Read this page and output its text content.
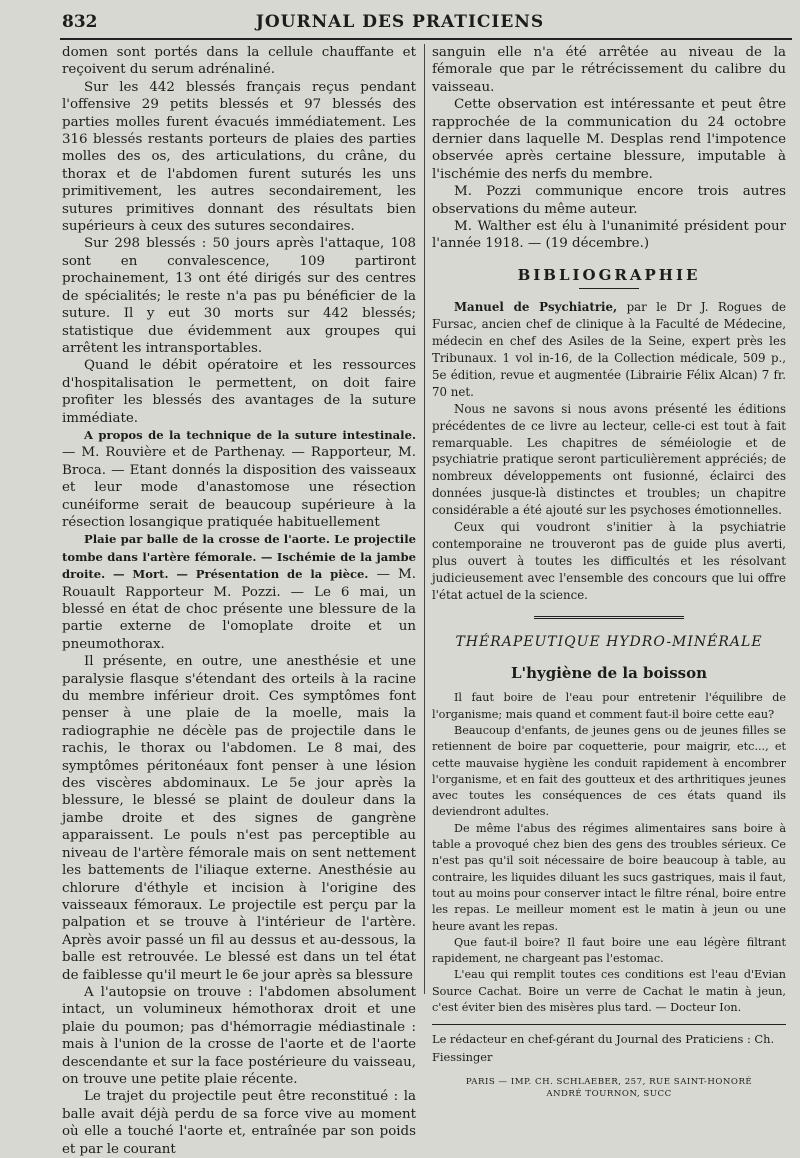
832	JOURNAL DES PRATICIENS

domen sont portés dans la cellule chauffante et reçoivent du serum adrénaliné.

Sur les 442 blessés français reçus pendant l'offensive 29 petits blessés et 97 blessés des parties molles furent évacués immédiatement. Les 316 blessés restants porteurs de plaies des parties molles des os, des articulations, du crâne, du thorax et de l'abdomen furent suturés les uns primitivement, les autres secondairement, les sutures primitives donnant des résultats bien supérieurs à ceux des sutures secondaires.

Sur 298 blessés : 50 jours après l'attaque, 108 sont en convalescence, 109 partiront prochainement, 13 ont été dirigés sur des centres de spécialités; le reste n'a pas pu bénéficier de la suture. Il y eut 30 morts sur 442 blessés; statistique due évidemment aux groupes qui arrêtent les intransportables.

Quand le débit opératoire et les ressources d'hospitalisation le permettent, on doit faire profiter les blessés des avantages de la suture immédiate.

A propos de la technique de la suture intestinale. — M. Rouvière et de Parthenay. — Rapporteur, M. Broca. — Etant donnés la disposition des vaisseaux et leur mode d'anastomose une résection cunéiforme serait de beaucoup supérieure à la résection losangique pratiquée habituellement

Plaie par balle de la crosse de l'aorte. Le projectile tombe dans l'artère fémorale. — Ischémie de la jambe droite. — Mort. — Présentation de la pièce. — M. Rouault Rapporteur M. Pozzi. — Le 6 mai, un blessé en état de choc présente une blessure de la partie externe de l'omoplate droite et un pneumothorax.

Il présente, en outre, une anesthésie et une paralysie flasque s'étendant des orteils à la racine du membre inférieur droit. Ces symptômes font penser à une plaie de la moelle, mais la radiographie ne décèle pas de projectile dans le rachis, le thorax ou l'abdomen. Le 8 mai, des symptômes péritonéaux font penser à une lésion des viscères abdominaux. Le 5e jour après la blessure, le blessé se plaint de douleur dans la jambe droite et des signes de gangrène apparaissent. Le pouls n'est pas perceptible au niveau de l'artère fémorale mais on sent nettement les battements de l'iliaque externe. Anesthésie au chlorure d'éthyle et incision à l'origine des vaisseaux fémoraux. Le projectile est perçu par la palpation et se trouve à l'intérieur de l'artère. Après avoir passé un fil au dessus et au-dessous, la balle est retrouvée. Le blessé est dans un tel état de faiblesse qu'il meurt le 6e jour après sa blessure

A l'autopsie on trouve : l'abdomen absolument intact, un volumineux hémothorax droit et une plaie du poumon; pas d'hémorragie médiastinale : mais à l'union de la crosse de l'aorte et de l'aorte descendante et sur la face postérieure du vaisseau, on trouve une petite plaie récente.

Le trajet du projectile peut être reconstitué : la balle avait déjà perdu de sa force vive au moment où elle a touché l'aorte et, entraînée par son poids et par le courant

sanguin elle n'a été arrêtée au niveau de la fémorale que par le rétrécissement du calibre du vaisseau.

Cette observation est intéressante et peut être rapprochée de la communication du 24 octobre dernier dans laquelle M. Desplas rend l'impotence observée après certaine blessure, imputable à l'ischémie des nerfs du membre.

M. Pozzi communique encore trois autres observations du même auteur.

M. Walther est élu à l'unanimité président pour l'année 1918. — (19 décembre.)

BIBLIOGRAPHIE

Manuel de Psychiatrie, par le Dr J. Rogues de Fursac, ancien chef de clinique à la Faculté de Médecine, médecin en chef des Asiles de la Seine, expert près les Tribunaux. 1 vol in-16, de la Collection médicale, 509 p., 5e édition, revue et augmentée (Librairie Félix Alcan) 7 fr. 70 net.

Nous ne savons si nous avons présenté les éditions précédentes de ce livre au lecteur, celle-ci est tout à fait remarquable. Les chapitres de séméiologie et de psychiatrie pratique seront particulièrement appréciés; de nombreux développements ont fusionné, éclairci des données jusque-là distinctes et troubles; un chapitre considérable a été ajouté sur les psychoses émotionnelles.

Ceux qui voudront s'initier à la psychiatrie contemporaine ne trouveront pas de guide plus averti, plus ouvert à toutes les difficultés et les résolvant judicieusement avec l'ensemble des concours que lui offre l'état actuel de la science.

THÉRAPEUTIQUE HYDRO-MINÉRALE
L'hygiène de la boisson

Il faut boire de l'eau pour entretenir l'équilibre de l'organisme; mais quand et comment faut-il boire cette eau?

Beaucoup d'enfants, de jeunes gens ou de jeunes filles se retiennent de boire par coquetterie, pour maigrir, etc..., et cette mauvaise hygiène les conduit rapidement à encombrer l'organisme, et en fait des goutteux et des arthritiques jeunes avec toutes les conséquences de ces états quand ils deviendront adultes.

De même l'abus des régimes alimentaires sans boire à table a provoqué chez bien des gens des troubles sérieux. Ce n'est pas qu'il soit nécessaire de boire beaucoup à table, au contraire, les liquides diluant les sucs gastriques, mais il faut, tout au moins pour conserver intact le filtre rénal, boire entre les repas. Le meilleur moment est le matin à jeun ou une heure avant les repas.

Que faut-il boire? Il faut boire une eau légère filtrant rapidement, ne chargeant pas l'estomac.

L'eau qui remplit toutes ces conditions est l'eau d'Evian Source Cachat. Boire un verre de Cachat le matin à jeun, c'est éviter bien des misères plus tard. — Docteur Ion.

Le rédacteur en chef-gérant du Journal des Praticiens : Ch. Fiessinger
PARIS — IMP. CH. SCHLAEBER, 257, RUE SAINT-HONORÉ
ANDRÉ TOURNON, SUCC
